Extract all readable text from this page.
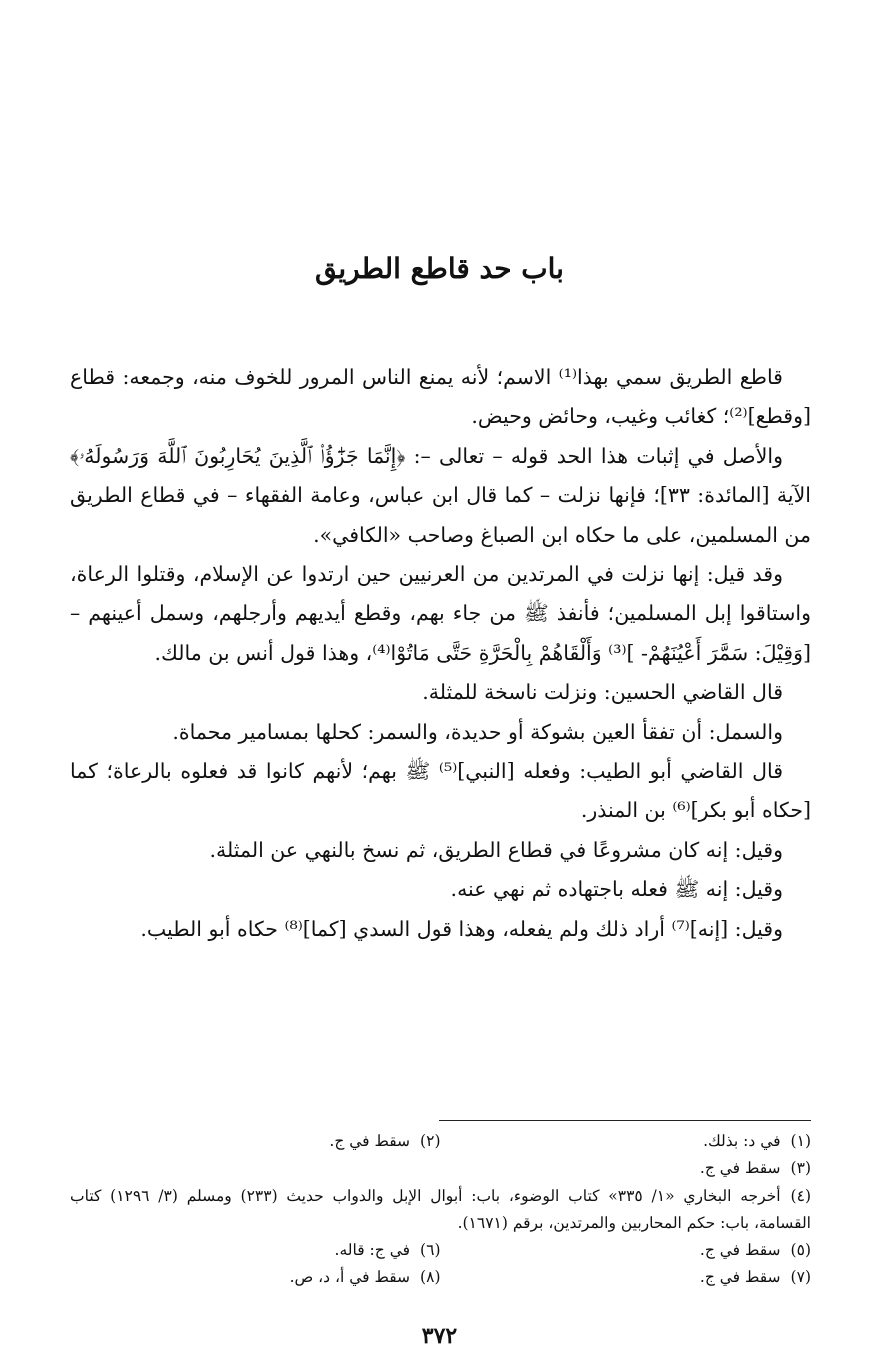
باب حد قاطع الطريق

قاطع الطريق سمي بهذا⁽¹⁾ الاسم؛ لأنه يمنع الناس المرور للخوف منه، وجمعه: قطاع [وقطع]⁽²⁾؛ كغائب وغيب، وحائض وحيض.

والأصل في إثبات هذا الحد قوله – تعالى –: ﴿إِنَّمَا جَزَٰٓؤُا۟ ٱلَّذِينَ يُحَارِبُونَ ٱللَّهَ وَرَسُولَهُۥ﴾ الآية [المائدة: ٣٣]؛ فإنها نزلت – كما قال ابن عباس، وعامة الفقهاء – في قطاع الطريق من المسلمين، على ما حكاه ابن الصباغ وصاحب «الكافي».

وقد قيل: إنها نزلت في المرتدين من العرنيين حين ارتدوا عن الإسلام، وقتلوا الرعاة، واستاقوا إبل المسلمين؛ فأنفذ ﷺ من جاء بهم، وقطع أيديهم وأرجلهم، وسمل أعينهم – [وَقِيْلَ: سَمَّرَ أَعْيُنَهُمْ- ]⁽³⁾ وَأَلْقَاهُمْ بِالْحَرَّةِ حَتَّى مَاتُوْا⁽⁴⁾، وهذا قول أنس بن مالك.

قال القاضي الحسين: ونزلت ناسخة للمثلة.

والسمل: أن تفقأ العين بشوكة أو حديدة، والسمر: كحلها بمسامير محماة.

قال القاضي أبو الطيب: وفعله [النبي]⁽⁵⁾ ﷺ بهم؛ لأنهم كانوا قد فعلوه بالرعاة؛ كما [حكاه أبو بكر]⁽⁶⁾ بن المنذر.

وقيل: إنه كان مشروعًا في قطاع الطريق، ثم نسخ بالنهي عن المثلة.

وقيل: إنه ﷺ فعله باجتهاده ثم نهي عنه.

وقيل: [إنه]⁽⁷⁾ أراد ذلك ولم يفعله، وهذا قول السدي [كما]⁽⁸⁾ حكاه أبو الطيب.

(١)في د: بذلك.
(٢)سقط في ج.
(٣)سقط في ج.
(٤)أخرجه البخاري «١/ ٣٣٥» كتاب الوضوء، باب: أبوال الإبل والدواب حديث (٢٣٣) ومسلم (٣/ ١٢٩٦) كتاب القسامة، باب: حكم المحاربين والمرتدين، برقم (١٦٧١).
(٥)سقط في ج.
(٦)في ج: قاله.
(٧)سقط في ج.
(٨)سقط في أ، د، ص.
٣٧٢
